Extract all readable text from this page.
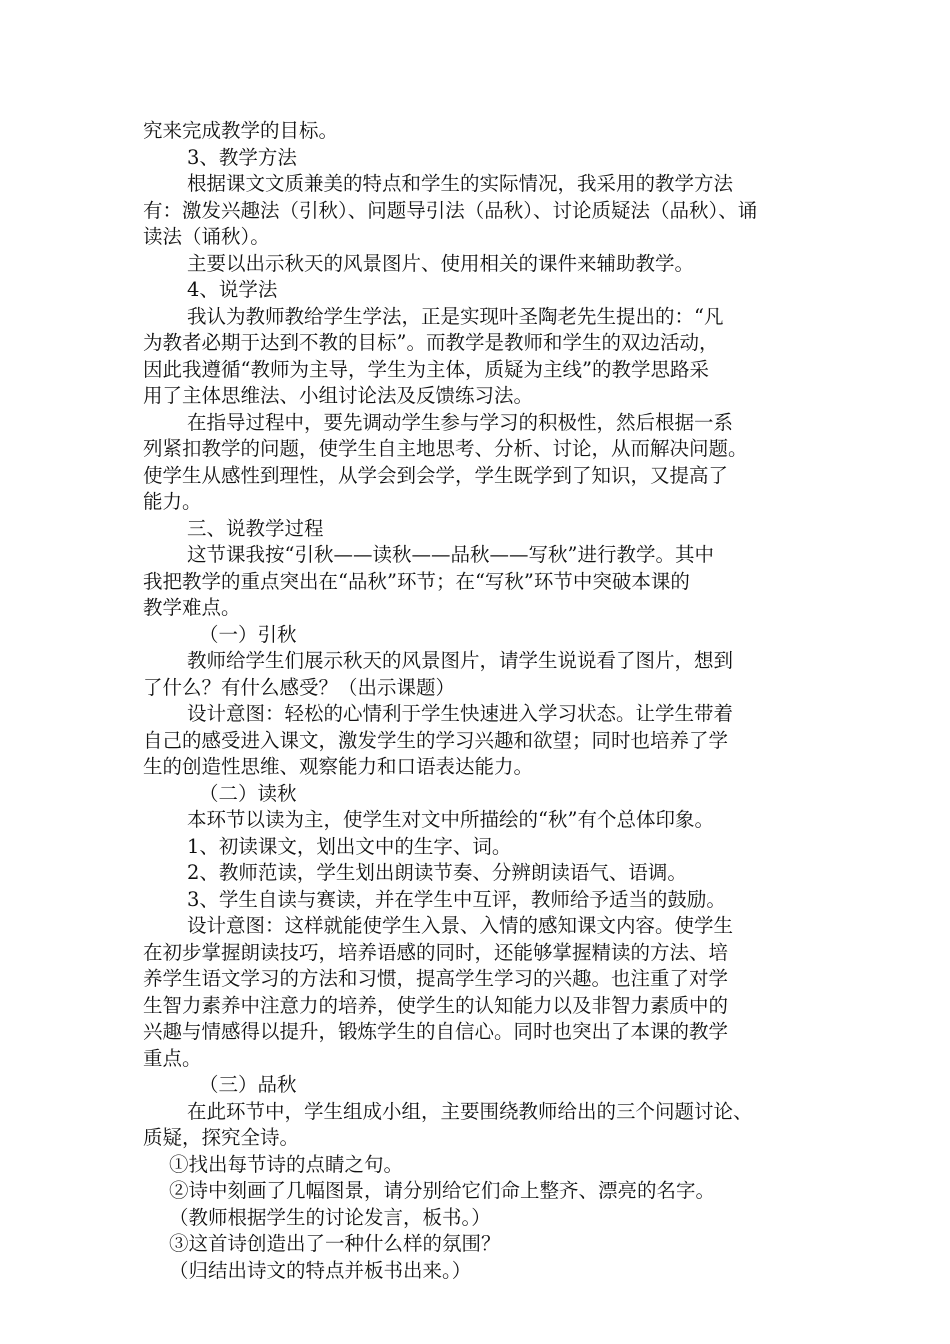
究来完成教学的目标。
3、教学方法
根据课文文质兼美的特点和学生的实际情况，我采用的教学方法
有：激发兴趣法（引秋）、问题导引法（品秋）、讨论质疑法（品秋）、诵
读法（诵秋）。
主要以出示秋天的风景图片、使用相关的课件来辅助教学。
4、说学法
我认为教师教给学生学法，正是实现叶圣陶老先生提出的：“凡
为教者必期于达到不教的目标”。而教学是教师和学生的双边活动，
因此我遵循“教师为主导，学生为主体，质疑为主线”的教学思路采
用了主体思维法、小组讨论法及反馈练习法。
在指导过程中，要先调动学生参与学习的积极性，然后根据一系
列紧扣教学的问题，使学生自主地思考、分析、讨论，从而解决问题。
使学生从感性到理性，从学会到会学，学生既学到了知识，又提高了
能力。
三、说教学过程
这节课我按“引秋——读秋——品秋——写秋”进行教学。其中
我把教学的重点突出在“品秋”环节；在“写秋”环节中突破本课的
教学难点。
（一）引秋
教师给学生们展示秋天的风景图片，请学生说说看了图片，想到
了什么？有什么感受？（出示课题）
设计意图：轻松的心情利于学生快速进入学习状态。让学生带着
自己的感受进入课文，激发学生的学习兴趣和欲望；同时也培养了学
生的创造性思维、观察能力和口语表达能力。
（二）读秋
本环节以读为主，使学生对文中所描绘的“秋”有个总体印象。
1、初读课文，划出文中的生字、词。
2、教师范读，学生划出朗读节奏、分辨朗读语气、语调。
3、学生自读与赛读，并在学生中互评，教师给予适当的鼓励。
设计意图：这样就能使学生入景、入情的感知课文内容。使学生
在初步掌握朗读技巧，培养语感的同时，还能够掌握精读的方法、培
养学生语文学习的方法和习惯，提高学生学习的兴趣。也注重了对学
生智力素养中注意力的培养，使学生的认知能力以及非智力素质中的
兴趣与情感得以提升，锻炼学生的自信心。同时也突出了本课的教学
重点。
（三）品秋
在此环节中，学生组成小组，主要围绕教师给出的三个问题讨论、
质疑，探究全诗。
①找出每节诗的点睛之句。
②诗中刻画了几幅图景，请分别给它们命上整齐、漂亮的名字。
（教师根据学生的讨论发言，板书。）
③这首诗创造出了一种什么样的氛围？
（归结出诗文的特点并板书出来。）
